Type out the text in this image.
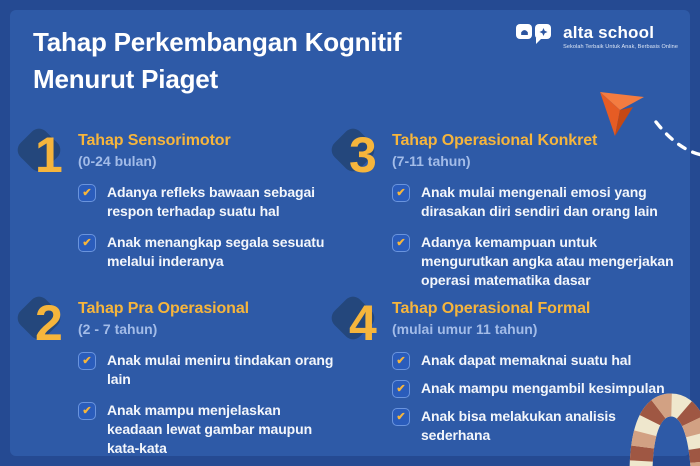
Tahap Perkembangan Kognitif
Menurut Piaget
alta school
Sekolah Terbaik Untuk Anak, Berbasis Online
1 Tahap Sensorimotor
(0-24 bulan)
✔ Adanya refleks bawaan sebagai respon terhadap suatu hal
✔ Anak menangkap segala sesuatu melalui inderanya
3 Tahap Operasional Konkret
(7-11 tahun)
✔ Anak mulai mengenali emosi yang dirasakan diri sendiri dan orang lain
✔ Adanya kemampuan untuk mengurutkan angka atau mengerjakan operasi matematika dasar
2 Tahap Pra Operasional
(2 - 7 tahun)
✔ Anak mulai meniru tindakan orang lain
✔ Anak mampu menjelaskan keadaan lewat gambar maupun kata-kata
4 Tahap Operasional Formal
(mulai umur 11 tahun)
✔ Anak dapat memaknai suatu hal
✔ Anak mampu mengambil kesimpulan
✔ Anak bisa melakukan analisis sederhana
